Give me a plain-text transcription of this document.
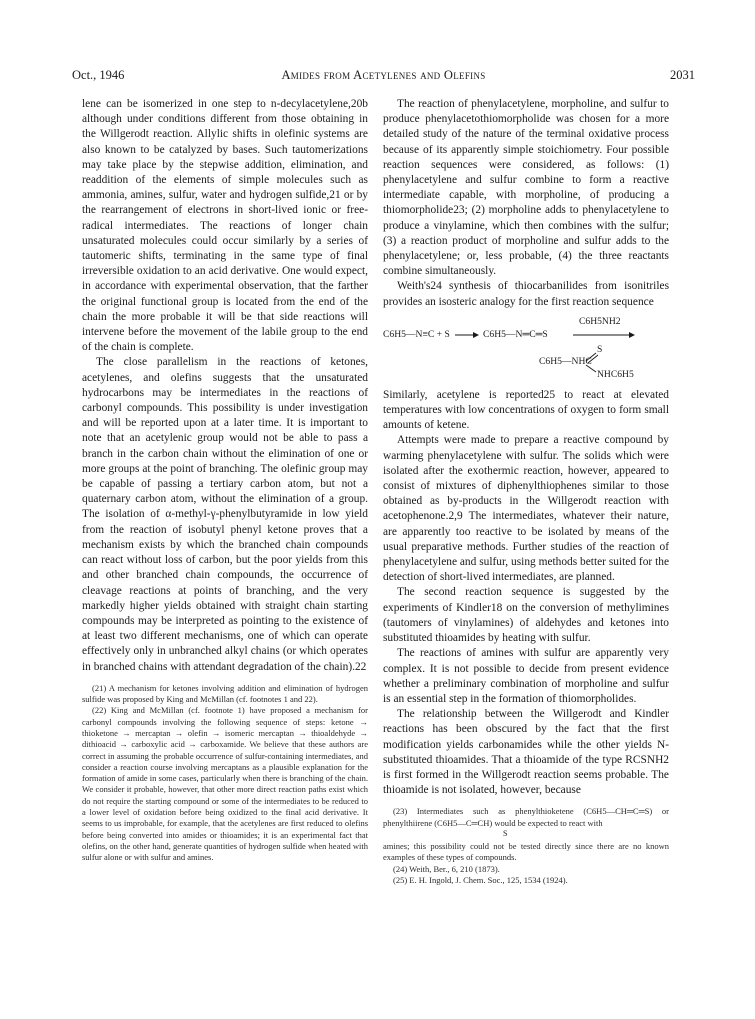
Oct., 1946	Amides from Acetylenes and Olefins	2031

lene can be isomerized in one step to n-decylacetylene,20b although under conditions different from those obtaining in the Willgerodt reaction. Allylic shifts in olefinic systems are also known to be catalyzed by bases. Such tautomerizations may take place by the stepwise addition, elimination, and readdition of the elements of simple molecules such as ammonia, amines, sulfur, water and hydrogen sulfide,21 or by the rearrangement of electrons in short-lived ionic or free-radical intermediates. The reactions of longer chain unsaturated molecules could occur similarly by a series of tautomeric shifts, terminating in the same type of final irreversible oxidation to an acid derivative. One would expect, in accordance with experimental observation, that the farther the original functional group is located from the end of the chain the more probable it will be that side reactions will intervene before the movement of the labile group to the end of the chain is complete.

The close parallelism in the reactions of ketones, acetylenes, and olefins suggests that the unsaturated hydrocarbons may be intermediates in the reactions of carbonyl compounds. This possibility is under investigation and will be reported upon at a later time. It is important to note that an acetylenic group would not be able to pass a branch in the carbon chain without the elimination of one or more groups at the point of branching. The olefinic group may be capable of passing a tertiary carbon atom, but not a quaternary carbon atom, without the elimination of a group. The isolation of α-methyl-γ-phenylbutyramide in low yield from the reaction of isobutyl phenyl ketone proves that a mechanism exists by which the branched chain compounds can react without loss of carbon, but the poor yields from this and other branched chain compounds, the occurrence of cleavage reactions at points of branching, and the very markedly higher yields obtained with straight chain starting compounds may be interpreted as pointing to the existence of at least two different mechanisms, one of which can operate effectively only in unbranched alkyl chains (or which operates in branched chains with attendant degradation of the chain).22

(21) A mechanism for ketones involving addition and elimination of hydrogen sulfide was proposed by King and McMillan (cf. footnotes 1 and 22).

(22) King and McMillan (cf. footnote 1) have proposed a mechanism for carbonyl compounds involving the following sequence of steps: ketone → thioketone → mercaptan → olefin → isomeric mercaptan → thioaldehyde → dithioacid → carboxylic acid → carboxamide. We believe that these authors are correct in assuming the probable occurrence of sulfur-containing intermediates, and consider a reaction course involving mercaptans as a plausible explanation for the formation of amide in some cases, particularly when there is branching of the chain. We consider it probable, however, that other more direct reaction paths exist which do not require the starting compound or some of the intermediates to be reduced to a lower level of oxidation before being oxidized to the final acid derivative. It seems to us improbable, for example, that the acetylenes are first reduced to olefins before being converted into amides or thioamides; it is an experimental fact that olefins, on the other hand, generate quantities of hydrogen sulfide when heated with sulfur alone or with sulfur and amines.

The reaction of phenylacetylene, morpholine, and sulfur to produce phenylacetothiomorpholide was chosen for a more detailed study of the nature of the terminal oxidative process because of its apparently simple stoichiometry. Four possible reaction sequences were considered, as follows: (1) phenylacetylene and sulfur combine to form a reactive intermediate capable, with morpholine, of producing a thiomorpholide23; (2) morpholine adds to phenylacetylene to produce a vinylamine, which then combines with the sulfur; (3) a reaction product of morpholine and sulfur adds to the phenylacetylene; or, less probable, (4) the three reactants combine simultaneously.

Weith's24 synthesis of thiocarbanilides from isonitriles provides an isosteric analogy for the first reaction sequence

C6H5—N≡C + S	C6H5—N═C═S
C6H5NH2
C6H5—NHC
S
NHC6H5

Similarly, acetylene is reported25 to react at elevated temperatures with low concentrations of oxygen to form small amounts of ketene.

Attempts were made to prepare a reactive compound by warming phenylacetylene with sulfur. The solids which were isolated after the exothermic reaction, however, appeared to consist of mixtures of diphenylthiophenes similar to those obtained as by-products in the Willgerodt reaction with acetophenone.2,9 The intermediates, whatever their nature, are apparently too reactive to be isolated by means of the usual preparative methods. Further studies of the reaction of phenylacetylene and sulfur, using methods better suited for the detection of short-lived intermediates, are planned.

The second reaction sequence is suggested by the experiments of Kindler18 on the conversion of methylimines (tautomers of vinylamines) of aldehydes and ketones into substituted thioamides by heating with sulfur.

The reactions of amines with sulfur are apparently very complex. It is not possible to decide from present evidence whether a preliminary combination of morpholine and sulfur is an essential step in the formation of thiomorpholides.

The relationship between the Willgerodt and Kindler reactions has been obscured by the fact that the first modification yields carbonamides while the other yields N-substituted thioamides. That a thioamide of the type RCSNH2 is first formed in the Willgerodt reaction seems probable. The thioamide is not isolated, however, because

(23) Intermediates such as phenylthioketene (C6H5—CH═C═S) or phenylthiirene (C6H5—C═CH) would be expected to react with

S

amines; this possibility could not be tested directly since there are no known examples of these types of compounds.

(24) Weith, Ber., 6, 210 (1873).

(25) E. H. Ingold, J. Chem. Soc., 125, 1534 (1924).
